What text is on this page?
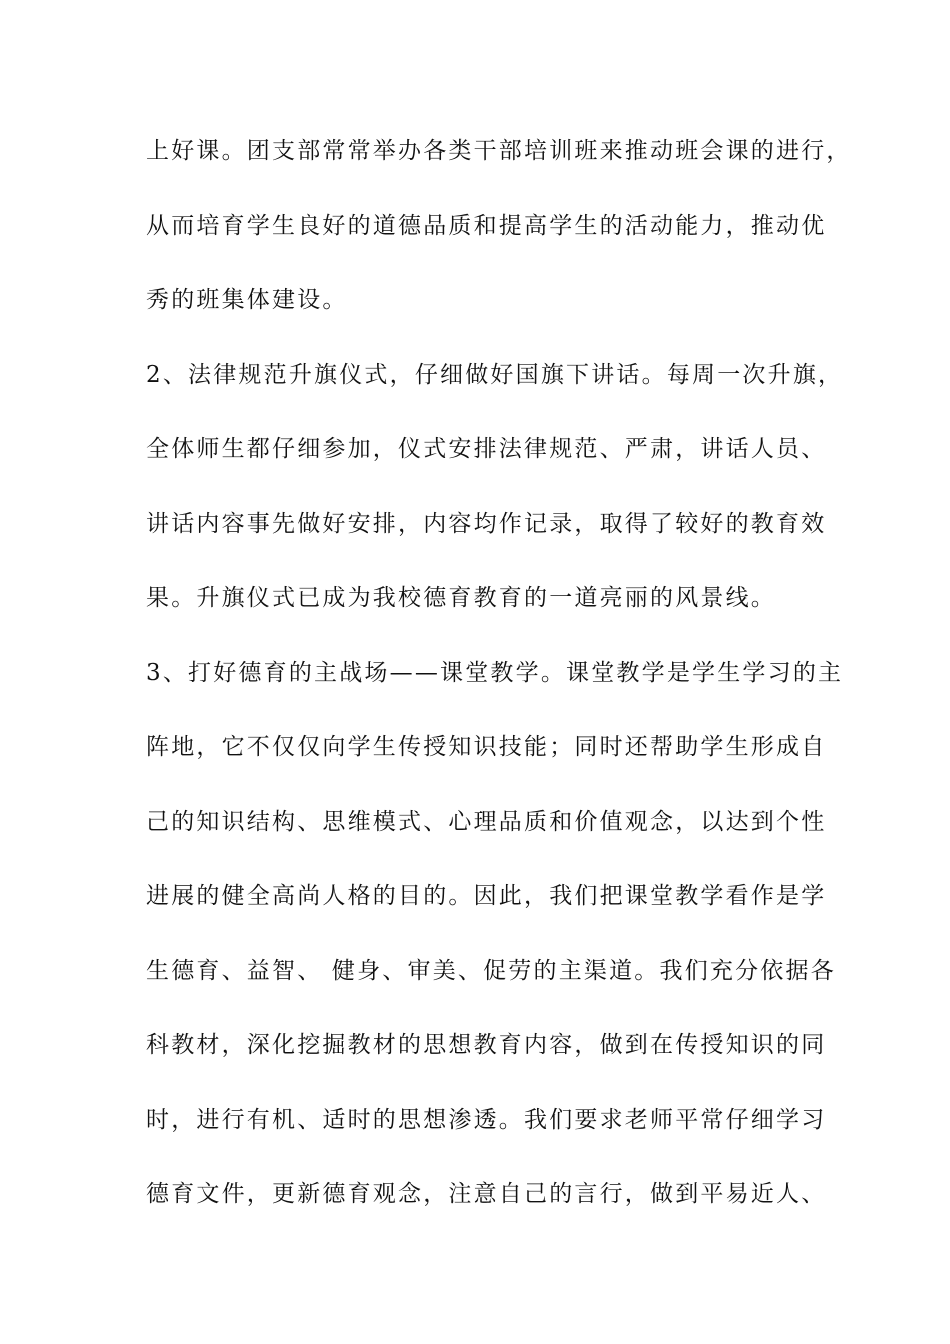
上好课。团支部常常举办各类干部培训班来推动班会课的进行，
从而培育学生良好的道德品质和提高学生的活动能力，推动优
秀的班集体建设。
2、法律规范升旗仪式，仔细做好国旗下讲话。每周一次升旗，
全体师生都仔细参加，仪式安排法律规范、严肃，讲话人员、
讲话内容事先做好安排，内容均作记录，取得了较好的教育效
果。升旗仪式已成为我校德育教育的一道亮丽的风景线。
3、打好德育的主战场——课堂教学。课堂教学是学生学习的主
阵地，它不仅仅向学生传授知识技能；同时还帮助学生形成自
己的知识结构、思维模式、心理品质和价值观念，以达到个性
进展的健全高尚人格的目的。因此，我们把课堂教学看作是学
生德育、益智、 健身、审美、促劳的主渠道。我们充分依据各
科教材，深化挖掘教材的思想教育内容，做到在传授知识的同
时，进行有机、适时的思想渗透。我们要求老师平常仔细学习
德育文件，更新德育观念，注意自己的言行，做到平易近人、
